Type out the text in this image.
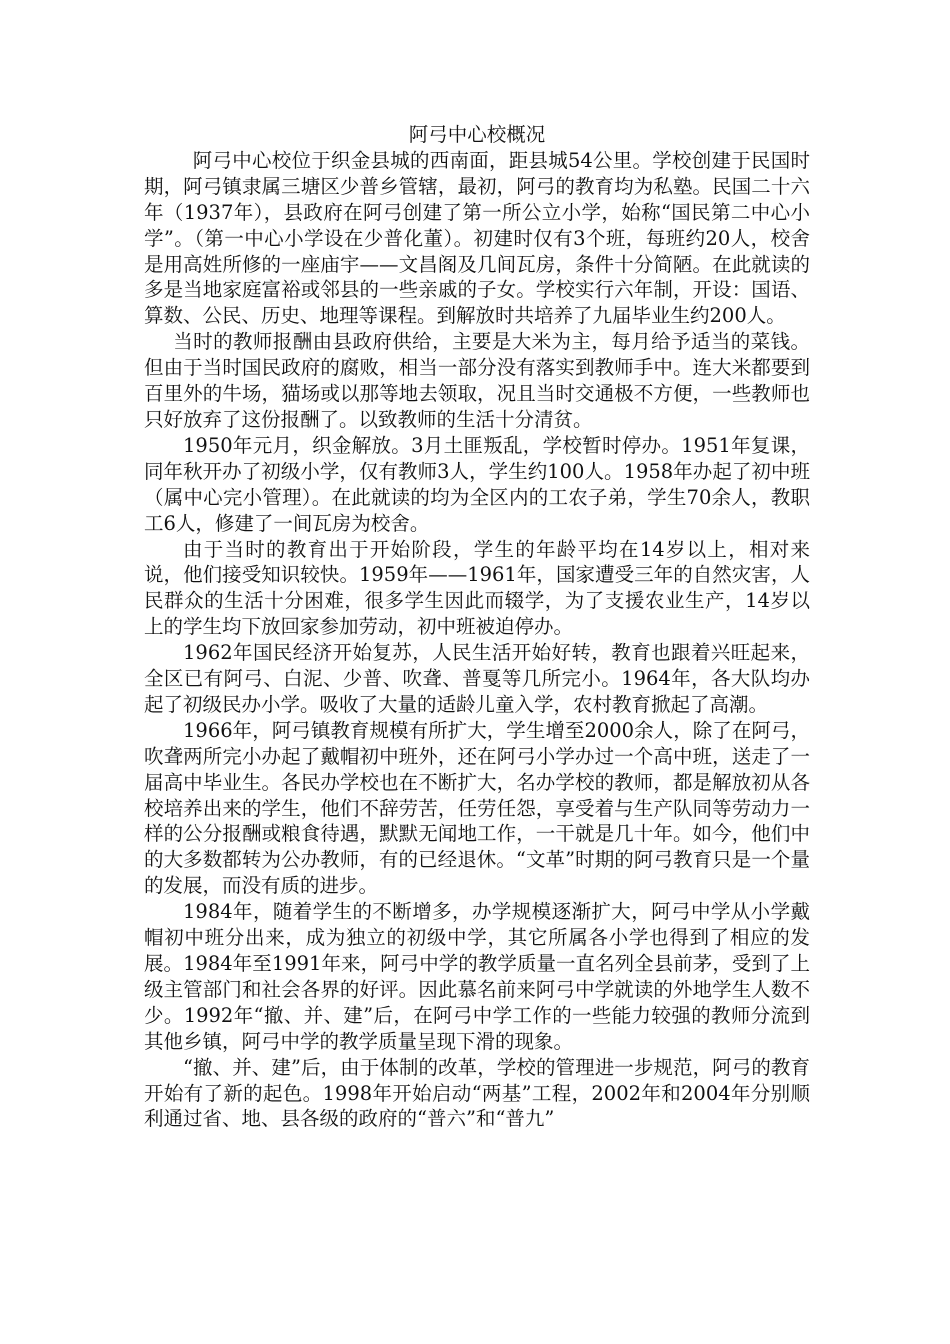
阿弓中心校概况

阿弓中心校位于织金县城的西南面，距县城54公里。学校创建于民国时期，阿弓镇隶属三塘区少普乡管辖，最初，阿弓的教育均为私塾。民国二十六年（1937年），县政府在阿弓创建了第一所公立小学，始称“国民第二中心小学”。（第一中心小学设在少普化董）。初建时仅有3个班，每班约20人，校舍是用高姓所修的一座庙宇——文昌阁及几间瓦房，条件十分简陋。在此就读的多是当地家庭富裕或邻县的一些亲戚的子女。学校实行六年制，开设：国语、算数、公民、历史、地理等课程。到解放时共培养了九届毕业生约200人。

当时的教师报酬由县政府供给，主要是大米为主，每月给予适当的菜钱。但由于当时国民政府的腐败，相当一部分没有落实到教师手中。连大米都要到百里外的牛场，猫场或以那等地去领取，况且当时交通极不方便，一些教师也只好放弃了这份报酬了。以致教师的生活十分清贫。

1950年元月，织金解放。3月土匪叛乱，学校暂时停办。1951年复课，同年秋开办了初级小学，仅有教师3人，学生约100人。1958年办起了初中班（属中心完小管理）。在此就读的均为全区内的工农子弟，学生70余人，教职工6人，修建了一间瓦房为校舍。

由于当时的教育出于开始阶段，学生的年龄平均在14岁以上，相对来说，他们接受知识较快。1959年——1961年，国家遭受三年的自然灾害，人民群众的生活十分困难，很多学生因此而辍学，为了支援农业生产，14岁以上的学生均下放回家参加劳动，初中班被迫停办。

1962年国民经济开始复苏，人民生活开始好转，教育也跟着兴旺起来，全区已有阿弓、白泥、少普、吹聋、普戛等几所完小。1964年，各大队均办起了初级民办小学。吸收了大量的适龄儿童入学，农村教育掀起了高潮。

1966年，阿弓镇教育规模有所扩大，学生增至2000余人，除了在阿弓，吹聋两所完小办起了戴帽初中班外，还在阿弓小学办过一个高中班，送走了一届高中毕业生。各民办学校也在不断扩大，名办学校的教师，都是解放初从各校培养出来的学生，他们不辞劳苦，任劳任怨，享受着与生产队同等劳动力一样的公分报酬或粮食待遇，默默无闻地工作，一干就是几十年。如今，他们中的大多数都转为公办教师，有的已经退休。“文革”时期的阿弓教育只是一个量的发展，而没有质的进步。

1984年，随着学生的不断增多，办学规模逐渐扩大，阿弓中学从小学戴帽初中班分出来，成为独立的初级中学，其它所属各小学也得到了相应的发展。1984年至1991年来，阿弓中学的教学质量一直名列全县前茅，受到了上级主管部门和社会各界的好评。因此慕名前来阿弓中学就读的外地学生人数不少。1992年“撤、并、建”后，在阿弓中学工作的一些能力较强的教师分流到其他乡镇，阿弓中学的教学质量呈现下滑的现象。

“撤、并、建”后，由于体制的改革，学校的管理进一步规范，阿弓的教育开始有了新的起色。1998年开始启动“两基”工程，2002年和2004年分别顺利通过省、地、县各级的政府的“普六”和“普九”
